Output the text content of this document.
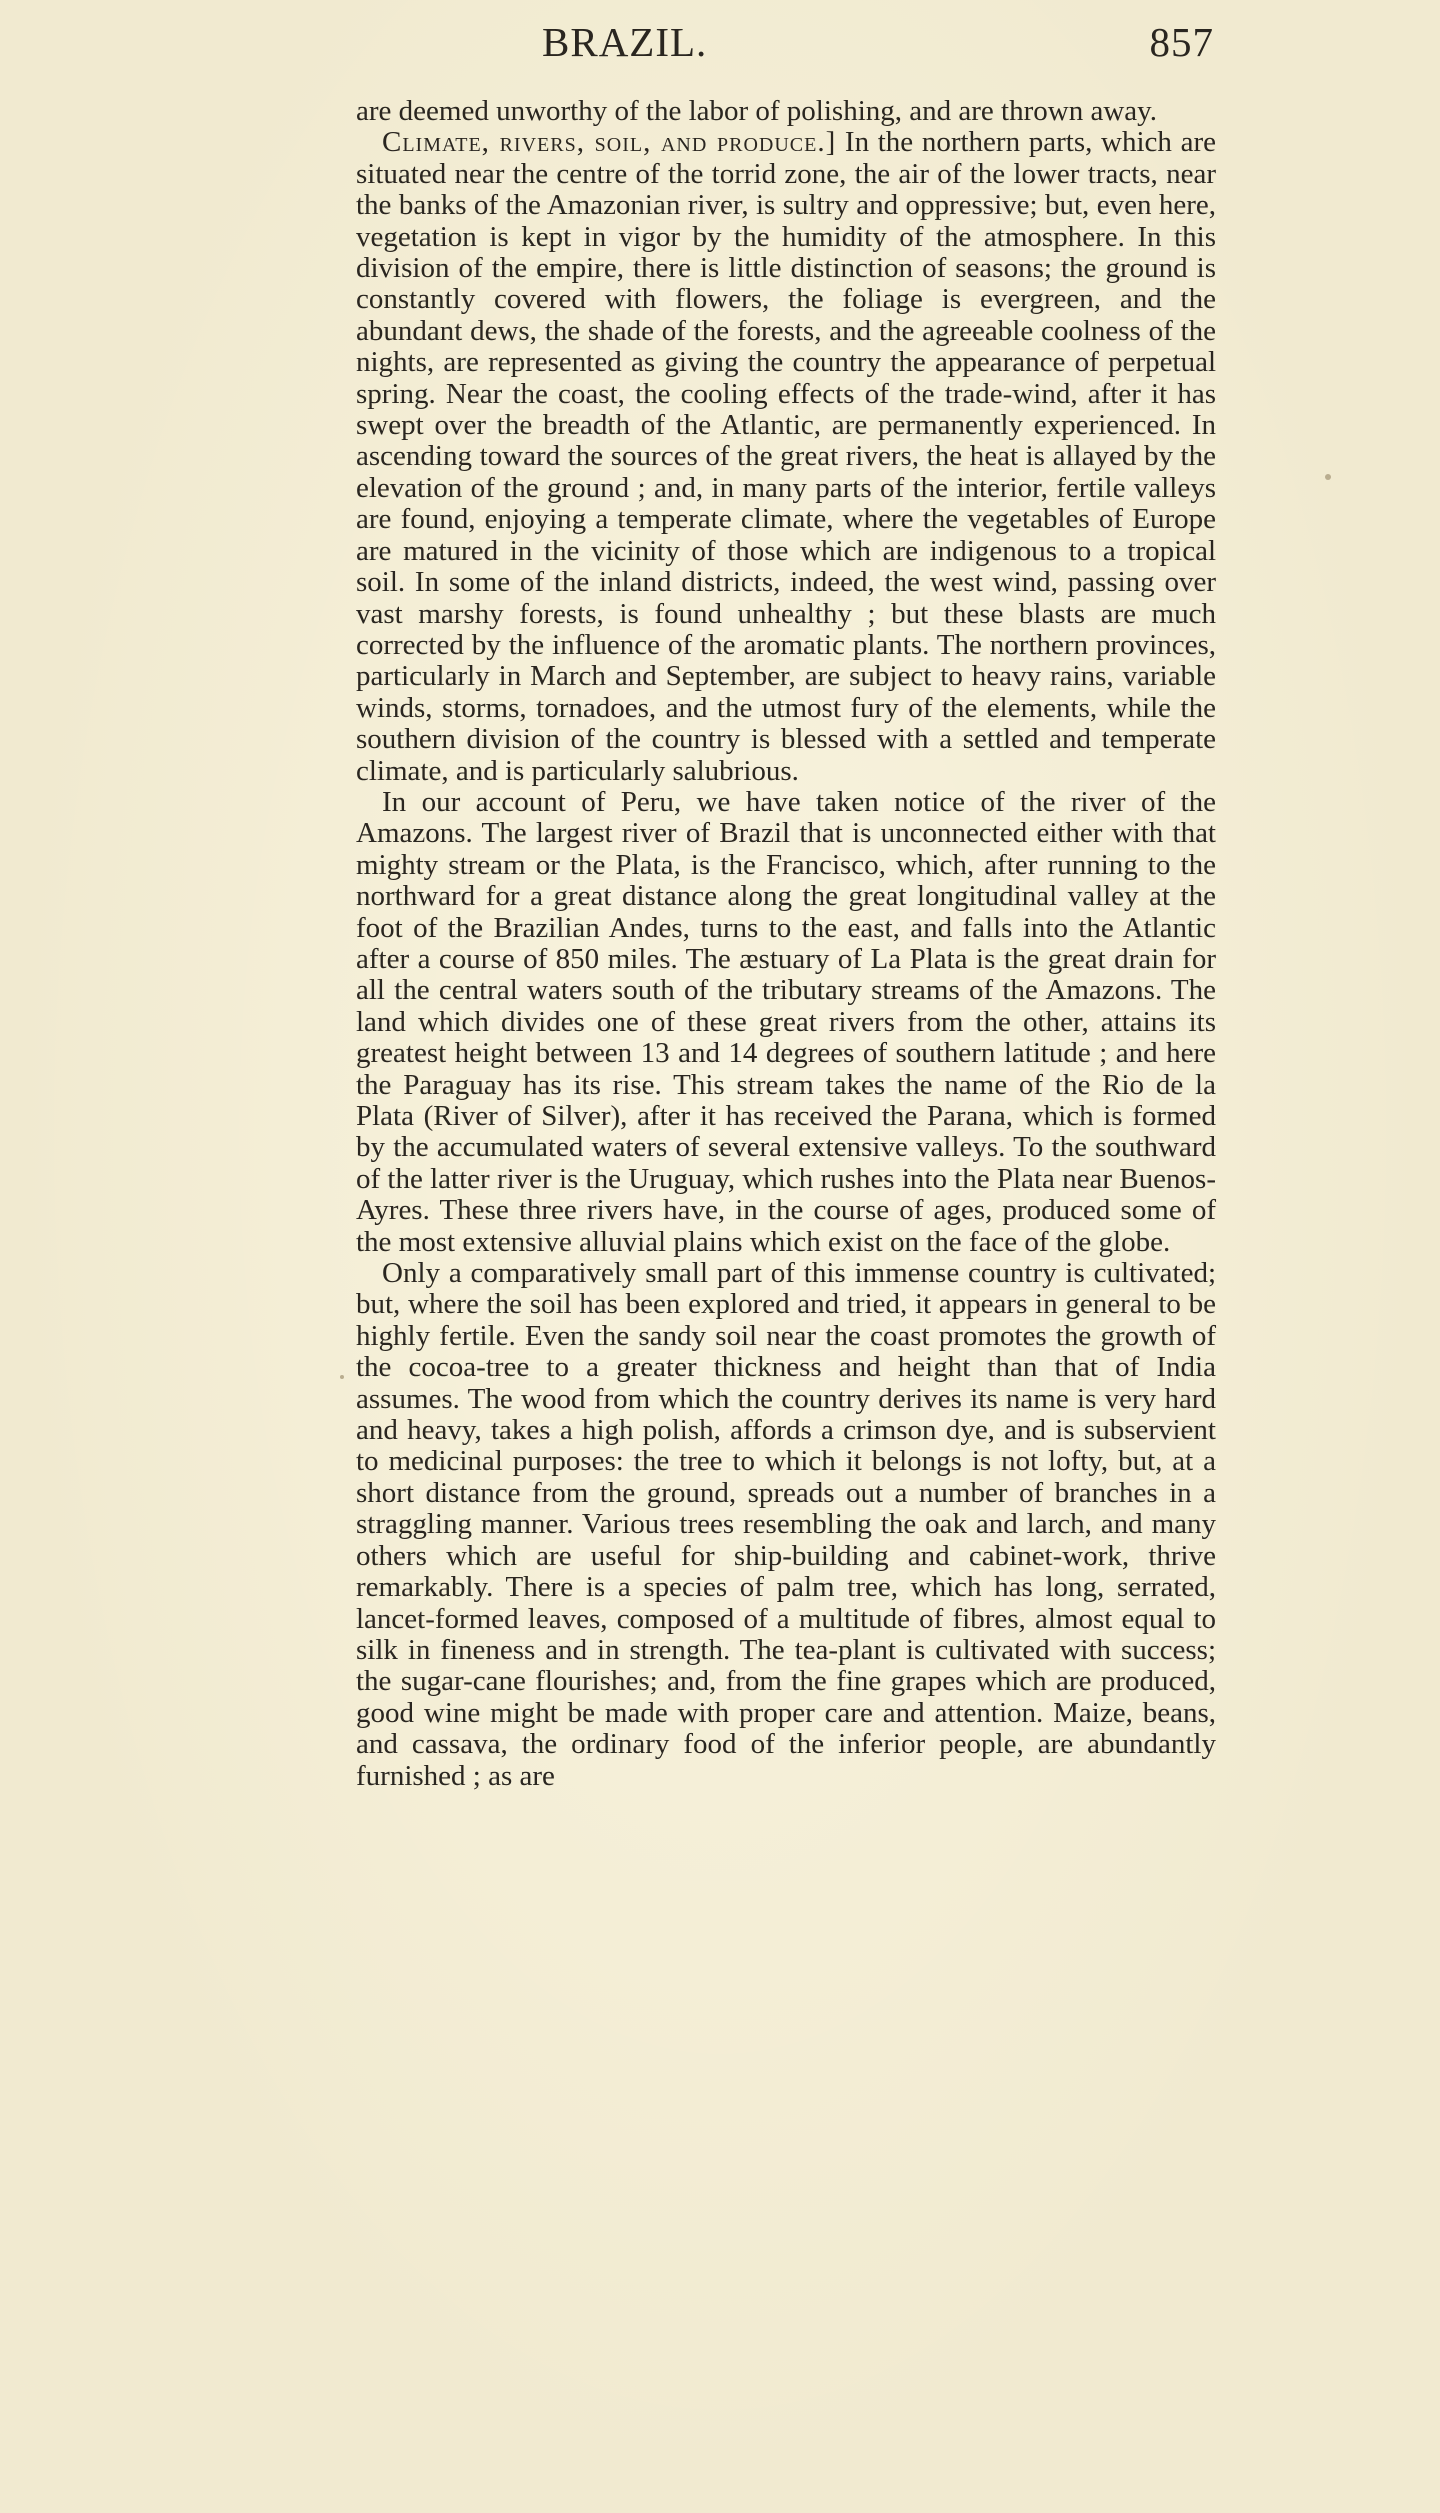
BRAZIL.	857

are deemed unworthy of the labor of polishing, and are thrown away.

Climate, rivers, soil, and produce.] In the northern parts, which are situated near the centre of the torrid zone, the air of the lower tracts, near the banks of the Amazonian river, is sultry and oppressive; but, even here, vegetation is kept in vigor by the humidity of the atmosphere. In this division of the empire, there is little distinction of seasons; the ground is constantly covered with flowers, the foliage is evergreen, and the abundant dews, the shade of the forests, and the agreeable coolness of the nights, are represented as giving the country the appearance of perpetual spring. Near the coast, the cooling effects of the trade-wind, after it has swept over the breadth of the Atlantic, are permanently experienced. In ascending toward the sources of the great rivers, the heat is allayed by the elevation of the ground ; and, in many parts of the interior, fertile valleys are found, enjoying a temperate climate, where the vegetables of Europe are matured in the vicinity of those which are indigenous to a tropical soil. In some of the inland districts, indeed, the west wind, passing over vast marshy forests, is found unhealthy ; but these blasts are much corrected by the influence of the aromatic plants. The northern provinces, particularly in March and September, are subject to heavy rains, variable winds, storms, tornadoes, and the utmost fury of the elements, while the southern division of the country is blessed with a settled and temperate climate, and is particularly salubrious.

In our account of Peru, we have taken notice of the river of the Amazons. The largest river of Brazil that is unconnected either with that mighty stream or the Plata, is the Francisco, which, after running to the northward for a great distance along the great longitudinal valley at the foot of the Brazilian Andes, turns to the east, and falls into the Atlantic after a course of 850 miles. The æstuary of La Plata is the great drain for all the central waters south of the tributary streams of the Amazons. The land which divides one of these great rivers from the other, attains its greatest height between 13 and 14 degrees of southern latitude ; and here the Paraguay has its rise. This stream takes the name of the Rio de la Plata (River of Silver), after it has received the Parana, which is formed by the accumulated waters of several extensive valleys. To the southward of the latter river is the Uruguay, which rushes into the Plata near Buenos-Ayres. These three rivers have, in the course of ages, produced some of the most extensive alluvial plains which exist on the face of the globe.

Only a comparatively small part of this immense country is cultivated; but, where the soil has been explored and tried, it appears in general to be highly fertile. Even the sandy soil near the coast promotes the growth of the cocoa-tree to a greater thickness and height than that of India assumes. The wood from which the country derives its name is very hard and heavy, takes a high polish, affords a crimson dye, and is subservient to medicinal purposes: the tree to which it belongs is not lofty, but, at a short distance from the ground, spreads out a number of branches in a straggling manner. Various trees resembling the oak and larch, and many others which are useful for ship-building and cabinet-work, thrive remarkably. There is a species of palm tree, which has long, serrated, lancet-formed leaves, composed of a multitude of fibres, almost equal to silk in fineness and in strength. The tea-plant is cultivated with success; the sugar-cane flourishes; and, from the fine grapes which are produced, good wine might be made with proper care and attention. Maize, beans, and cassava, the ordinary food of the inferior people, are abundantly furnished ; as are
